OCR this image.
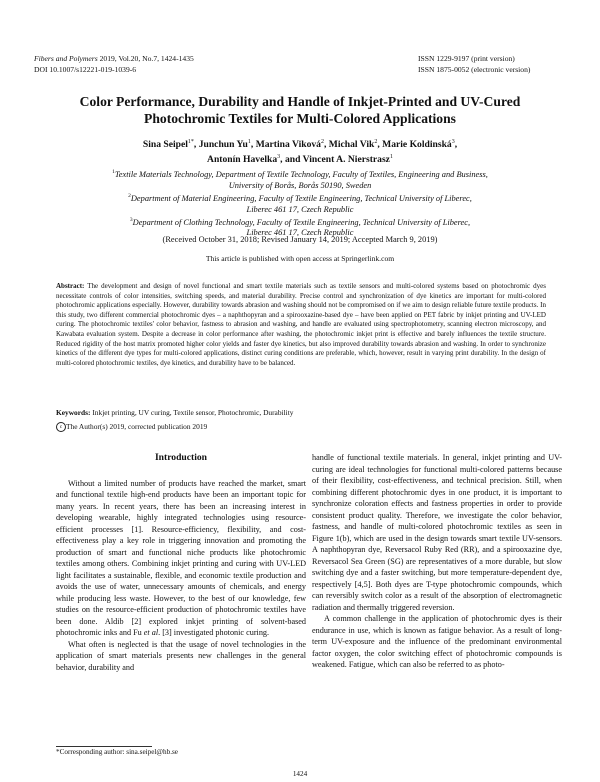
Fibers and Polymers 2019, Vol.20, No.7, 1424-1435
DOI 10.1007/s12221-019-1039-6
ISSN 1229-9197 (print version)
ISSN 1875-0052 (electronic version)
Color Performance, Durability and Handle of Inkjet-Printed and UV-Cured
Photochromic Textiles for Multi-Colored Applications
Sina Seipel$^{1*}$, Junchun Yu$^1$, Martina Viková$^2$, Michal Vik$^2$, Marie Koldinská$^3$,
Antonín Havelka$^3$, and Vincent A. Nierstrasz$^1$

$^1$Textile Materials Technology, Department of Textile Technology, Faculty of Textiles, Engineering and Business,

University of Borås, Borås 50190, Sweden

$^2$Department of Material Engineering, Faculty of Textile Engineering, Technical University of Liberec,

Liberec 461 17, Czech Republic

$^3$Department of Clothing Technology, Faculty of Textile Engineering, Technical University of Liberec,

Liberec 461 17, Czech Republic

(Received October 31, 2018; Revised January 14, 2019; Accepted March 9, 2019)
This article is published with open access at Springerlink.com
Abstract: The development and design of novel functional and smart textile materials such as textile sensors and multi-colored systems based on photochromic dyes necessitate controls of color intensities, switching speeds, and material durability. Precise control and synchronization of dye kinetics are important for multi-colored photochromic applications especially. However, durability towards abrasion and washing should not be compromised on if we aim to design reliable future textile products. In this study, two different commercial photochromic dyes – a naphthopyran and a spirooxazine-based dye – have been applied on PET fabric by inkjet printing and UV-LED curing. The photochromic textiles' color behavior, fastness to abrasion and washing, and handle are evaluated using spectrophotometry, scanning electron microscopy, and Kawabata evaluation system. Despite a decrease in color performance after washing, the photochromic inkjet print is effective and barely influences the textile structure. Reduced rigidity of the host matrix promoted higher color yields and faster dye kinetics, but also improved durability towards abrasion and washing. In order to synchronize kinetics of the different dye types for multi-colored applications, distinct curing conditions are preferable, which, however, result in varying print durability. In the design of multi-colored photochromic textiles, dye kinetics, and durability have to be balanced.
Keywords: Inkjet printing, UV curing, Textile sensor, Photochromic, Durability
c The Author(s) 2019, corrected publication 2019

Introduction

Without a limited number of products have reached the market, smart and functional textile high-end products have been an important topic for many years. In recent years, there has been an increasing interest in developing wearable, highly integrated technologies using resource-efficient processes [1]. Resource-efficiency, flexibility, and cost-effectiveness play a key role in triggering innovation and promoting the production of smart and functional niche products like photochromic textiles among others. Combining inkjet printing and curing with UV-LED light facilitates a sustainable, flexible, and economic textile production and avoids the use of water, unnecessary amounts of chemicals, and energy while producing less waste. However, to the best of our knowledge, few studies on the resource-efficient production of photochromic textiles have been done. Aldib [2] explored inkjet printing of solvent-based photochromic inks and Fu et al. [3] investigated photonic curing.

What often is neglected is that the usage of novel technologies in the application of smart materials presents new challenges in the general behavior, durability and

handle of functional textile materials. In general, inkjet printing and UV-curing are ideal technologies for functional multi-colored patterns because of their flexibility, cost-effectiveness, and technical precision. Still, when combining different photochromic dyes in one product, it is important to synchronize coloration effects and fastness properties in order to provide consistent product quality. Therefore, we investigate the color behavior, fastness, and handle of multi-colored photochromic textiles as seen in Figure 1(b), which are used in the design towards smart textile UV-sensors. A naphthopyran dye, Reversacol Ruby Red (RR), and a spirooxazine dye, Reversacol Sea Green (SG) are representatives of a more durable, but slow switching dye and a faster switching, but more temperature-dependent dye, respectively [4,5]. Both dyes are T-type photochromic compounds, which can reversibly switch color as a result of the absorption of electromagnetic radiation and thermally triggered reversion.

A common challenge in the application of photochromic dyes is their endurance in use, which is known as fatigue behavior. As a result of long-term UV-exposure and the influence of the predominant environmental factor oxygen, the color switching effect of photochromic compounds is weakened. Fatigue, which can also be referred to as photo-

*Corresponding author: sina.seipel@hb.se
1424
